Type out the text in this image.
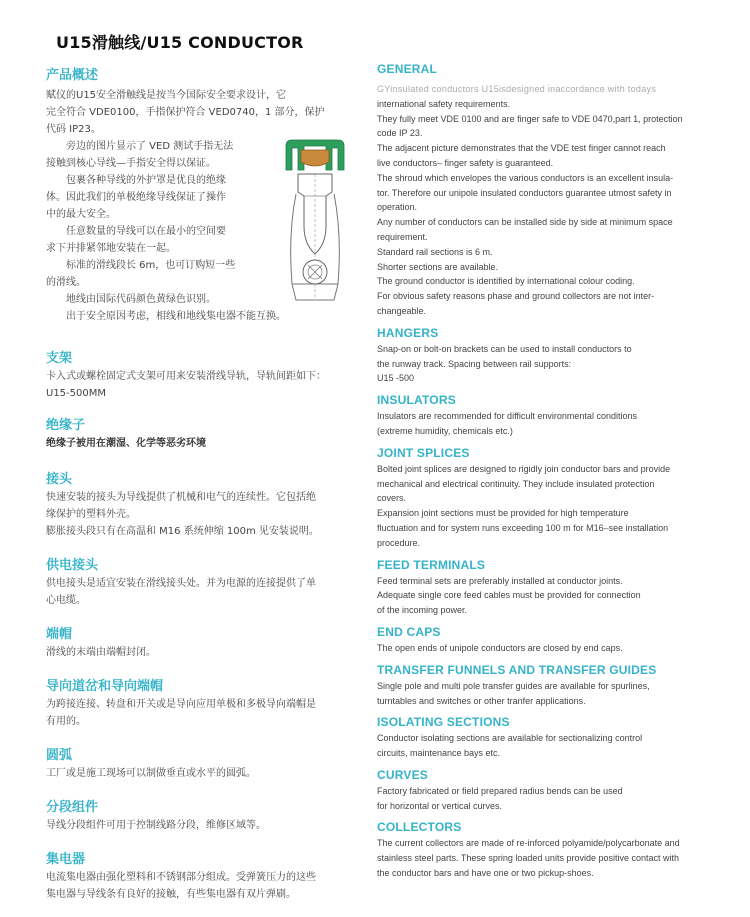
U15滑触线/U15 CONDUCTOR
产品概述

赋仪的U15安全滑触线是按当今国际安全要求设计，它

完全符合 VDE0100，手指保护符合 VED0740，1 部分，保护

代码 IP23。

旁边的图片显示了 VED 测试手指无法

接触到核心导线—手指安全得以保证。

包裹各种导线的外护罩是优良的绝缘

体。因此我们的单极绝缘导线保证了操作

中的最大安全。

任意数量的导线可以在最小的空间要

求下并排紧邻地安装在一起。

标准的滑线段长 6m，也可订购短一些

的滑线。

地线由国际代码颜色黄绿色识别。

出于安全原因考虑，相线和地线集电器不能互换。

支架

卡入式或螺栓固定式支架可用来安装滑线导轨，导轨间距如下：

U15-500MM

绝缘子

绝缘子被用在潮湿、化学等恶劣环境

接头

快速安装的接头为导线提供了机械和电气的连续性。它包括绝

缘保护的塑料外壳。

膨胀接头段只有在高温和 M16 系统伸缩 100m 见安装说明。

供电接头

供电接头是适宜安装在滑线接头处。并为电源的连接提供了单

心电缆。

端帽

滑线的末端由端帽封闭。

导向道岔和导向端帽

为跨接连接、转盘和开关或是导向应用单极和多极导向端帽是

有用的。

圆弧

工厂或是施工现场可以制做垂直或水平的圆弧。

分段组件

导线分段组件可用于控制线路分段，维修区域等。

集电器

电流集电器由强化塑料和不锈钢部分组成。受弹簧压力的这些

集电器与导线条有良好的接触，有些集电器有双片弹刷。

GENERAL

GYinsulated conductors U15isdesigned inaccordance with todays

international safety requirements.

They fully meet VDE 0100 and are finger safe to VDE 0470,part 1, protection

code IP 23.

The adjacent picture demonstrates that the VDE test finger cannot reach

live conductors– finger safety is guaranteed.

The shroud which envelopes the various conductors is an excellent insula-

tor. Therefore our unipole insulated conductors guarantee utmost safety in

operation.

Any number of conductors can be installed side by side at minimum space

requirement.

Standard rail sections is 6 m.

Shorter sections are available.

The ground conductor is identified by international colour coding.

For obvious safety reasons phase and ground collectors are not inter-

changeable.

HANGERS

Snap-on or bolt-on brackets can be used to install conductors to

the runway track. Spacing between rail supports:

U15 -500

INSULATORS

Insulators are recommended for difficult environmental conditions

(extreme humidity, chemicals etc.)

JOINT SPLICES

Bolted joint splices are designed to rigidly join conductor bars and provide

mechanical and electrical continuity. They include insulated protection

covers.

Expansion joint sections must be provided for high temperature

fluctuation and for system runs exceeding 100 m for M16–see installation

procedure.

FEED TERMINALS

Feed terminal sets are preferably installed at conductor joints.

Adequate single core feed cables must be provided for connection

of the incoming power.

END CAPS

The open ends of unipole conductors are closed by end caps.

TRANSFER FUNNELS AND TRANSFER GUIDES

Single pole and multi pole transfer guides are available for spurlines,

turntables and switches or other tranfer applications.

ISOLATING SECTIONS

Conductor isolating sections are available for sectionalizing control

circuits, maintenance bays etc.

CURVES

Factory fabricated or field prepared radius bends can be used

for horizontal or vertical curves.

COLLECTORS

The current collectors are made of re-inforced polyamide/polycarbonate and

stainless steel parts. These spring loaded units provide positive contact with

the conductor bars and have one or two pickup-shoes.
